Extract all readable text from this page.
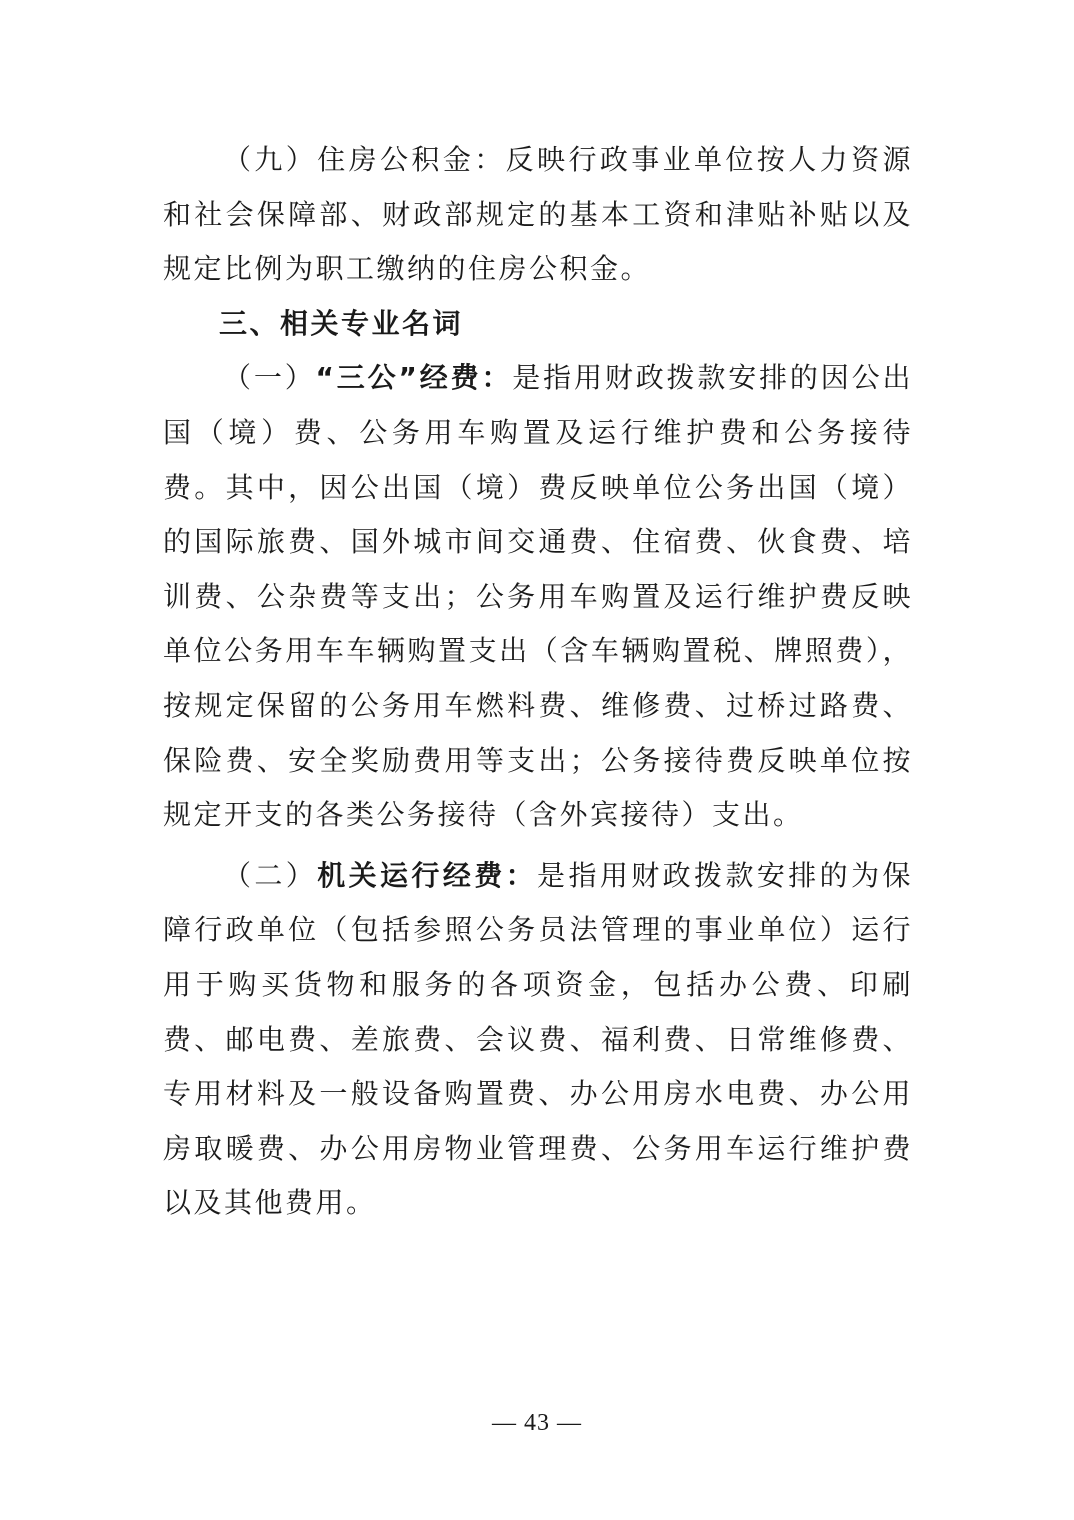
（九）住房公积金：反映行政事业单位按人力资源和社会保障部、财政部规定的基本工资和津贴补贴以及规定比例为职工缴纳的住房公积金。

三、相关专业名词

（一）“三公”经费：是指用财政拨款安排的因公出国（境）费、公务用车购置及运行维护费和公务接待费。其中，因公出国（境）费反映单位公务出国（境）的国际旅费、国外城市间交通费、住宿费、伙食费、培训费、公杂费等支出；公务用车购置及运行维护费反映单位公务用车车辆购置支出（含车辆购置税、牌照费），按规定保留的公务用车燃料费、维修费、过桥过路费、保险费、安全奖励费用等支出；公务接待费反映单位按规定开支的各类公务接待（含外宾接待）支出。

（二）机关运行经费：是指用财政拨款安排的为保障行政单位（包括参照公务员法管理的事业单位）运行用于购买货物和服务的各项资金，包括办公费、印刷费、邮电费、差旅费、会议费、福利费、日常维修费、专用材料及一般设备购置费、办公用房水电费、办公用房取暖费、办公用房物业管理费、公务用车运行维护费以及其他费用。

— 43 —
